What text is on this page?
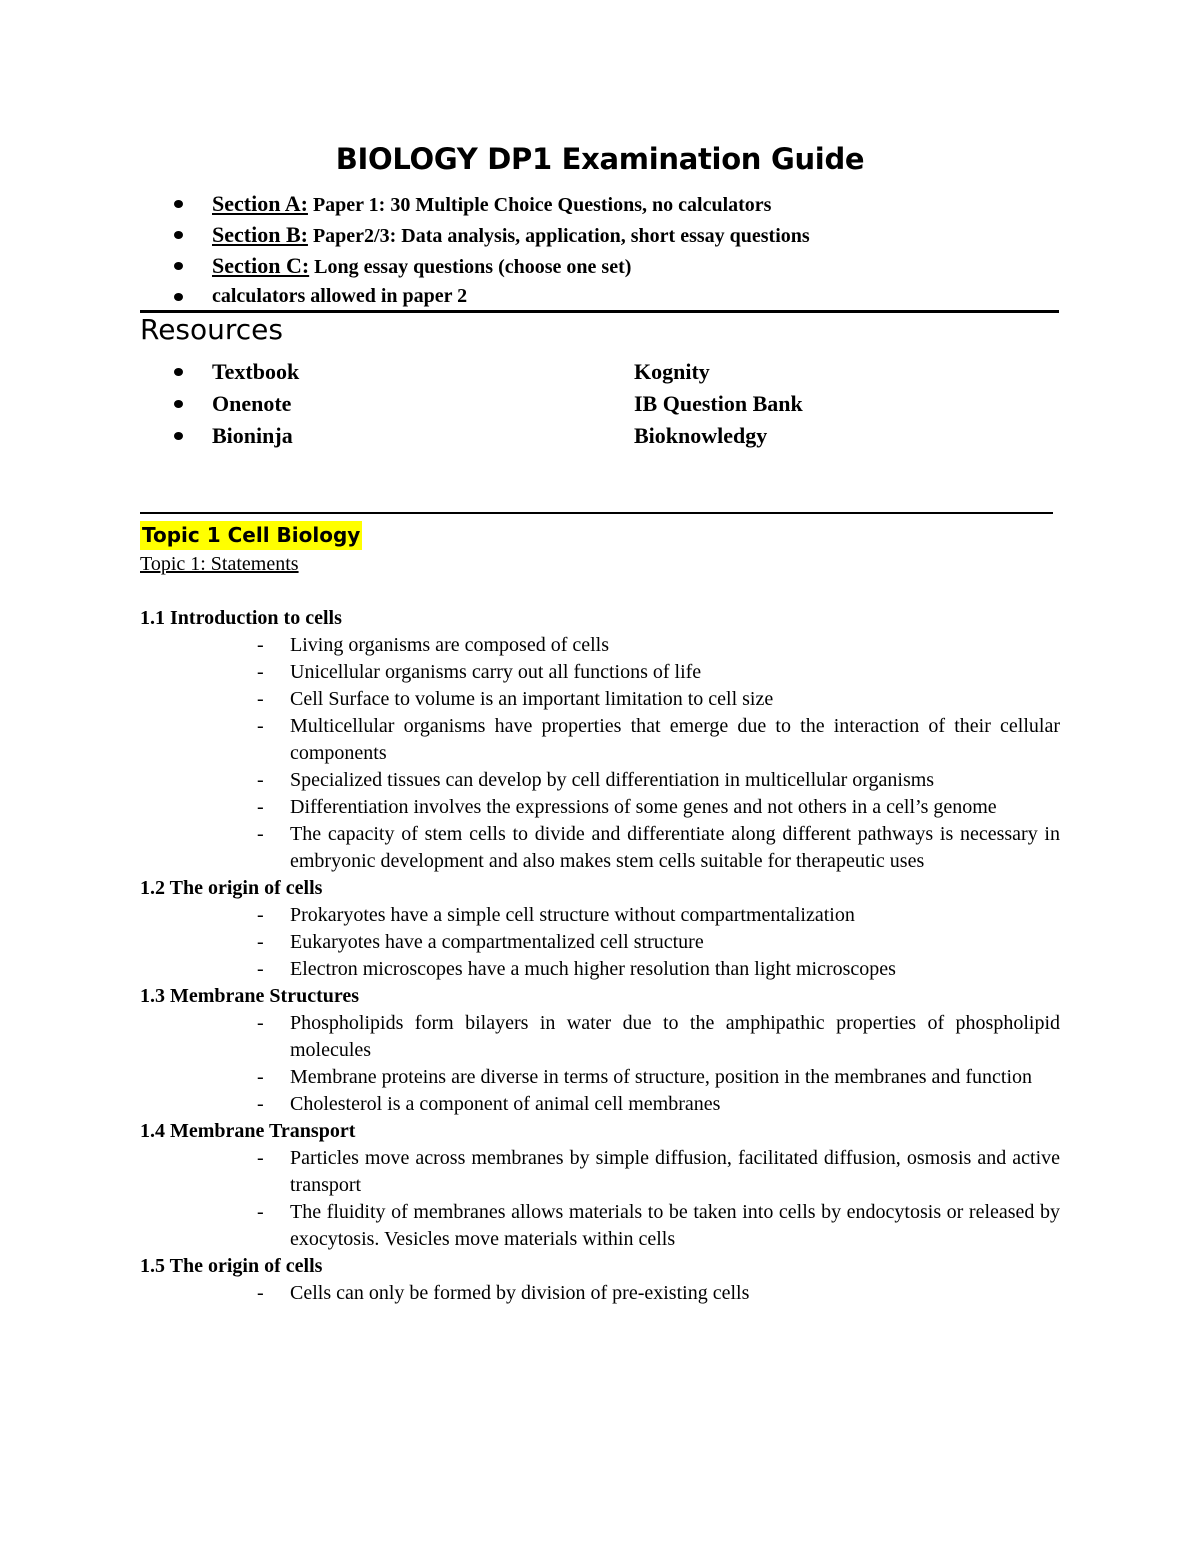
BIOLOGY DP1 Examination Guide
Section A: Paper 1: 30 Multiple Choice Questions, no calculators
Section B: Paper2/3: Data analysis, application, short essay questions
Section C: Long essay questions (choose one set)
calculators allowed in paper 2
Resources
Textbook	Kognity
Onenote	IB Question Bank
Bioninja	Bioknowledgy
Topic 1 Cell Biology
Topic 1: Statements
1.1 Introduction to cells
- Living organisms are composed of cells
- Unicellular organisms carry out all functions of life
- Cell Surface to volume is an important limitation to cell size
- Multicellular organisms have properties that emerge due to the interaction of their cellular components
- Specialized tissues can develop by cell differentiation in multicellular organisms
- Differentiation involves the expressions of some genes and not others in a cell’s genome
- The capacity of stem cells to divide and differentiate along different pathways is necessary in embryonic development and also makes stem cells suitable for therapeutic uses
1.2 The origin of cells
- Prokaryotes have a simple cell structure without compartmentalization
- Eukaryotes have a compartmentalized cell structure
- Electron microscopes have a much higher resolution than light microscopes
1.3 Membrane Structures
- Phospholipids form bilayers in water due to the amphipathic properties of phospholipid molecules
- Membrane proteins are diverse in terms of structure, position in the membranes and function
- Cholesterol is a component of animal cell membranes
1.4 Membrane Transport
- Particles move across membranes by simple diffusion, facilitated diffusion, osmosis and active transport
- The fluidity of membranes allows materials to be taken into cells by endocytosis or released by exocytosis. Vesicles move materials within cells
1.5 The origin of cells
- Cells can only be formed by division of pre-existing cells
